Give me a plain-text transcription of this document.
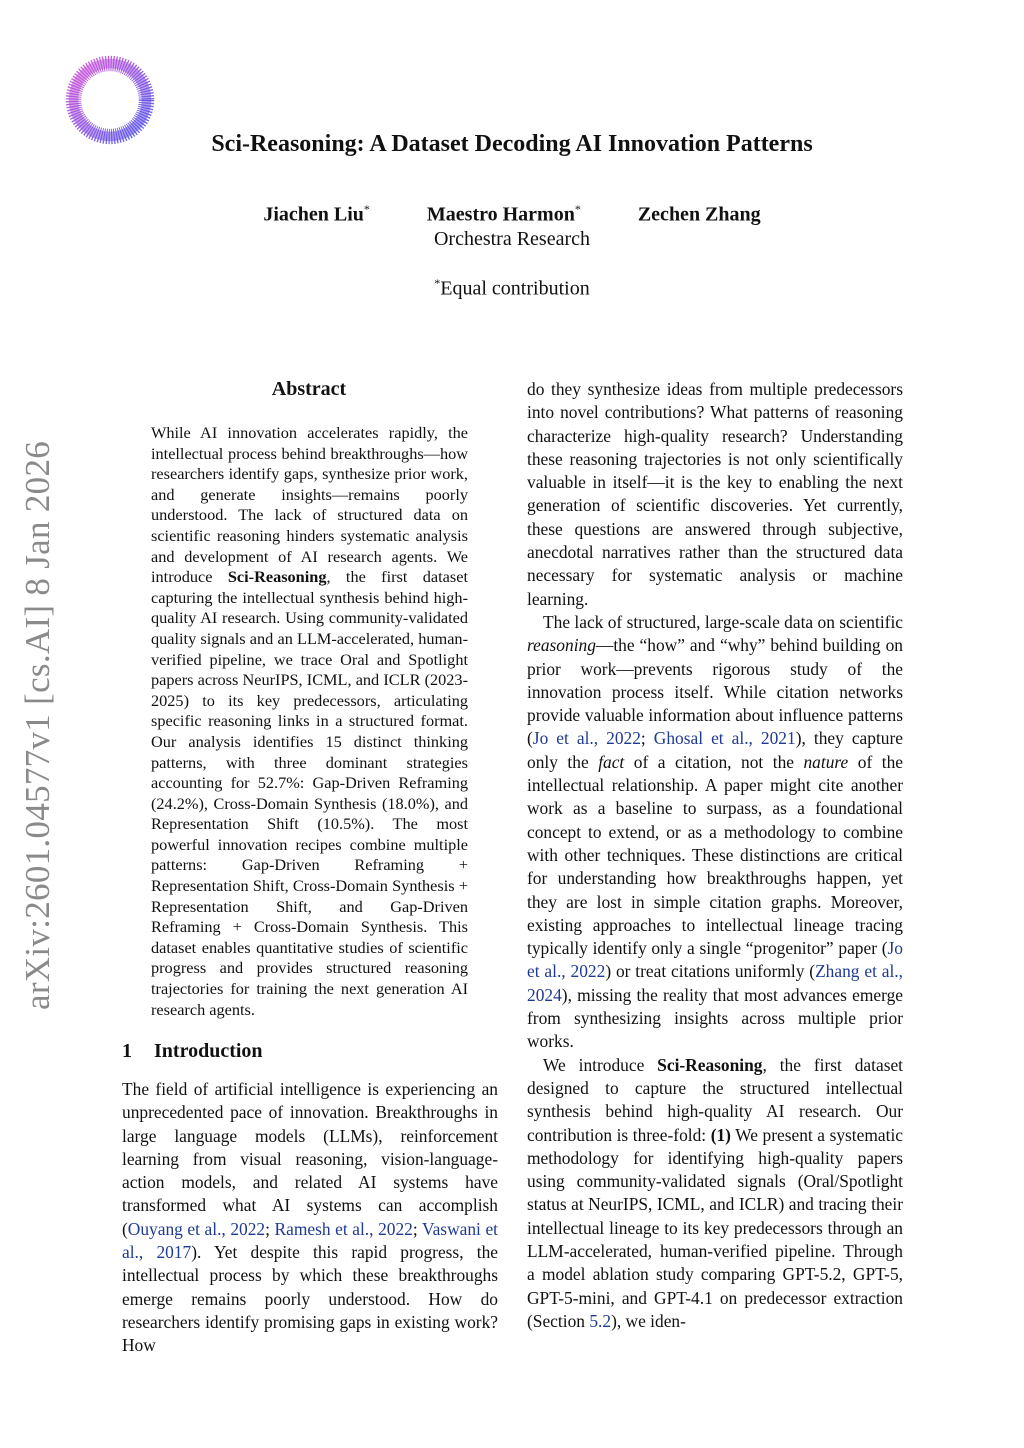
arXiv:2601.04577v1 [cs.AI] 8 Jan 2026
Sci-Reasoning: A Dataset Decoding AI Innovation Patterns
Jiachen Liu*	Maestro Harmon*	Zechen Zhang
Orchestra Research
*Equal contribution
Abstract
While AI innovation accelerates rapidly, the intellectual process behind breakthroughs—how researchers identify gaps, synthesize prior work, and generate insights—remains poorly understood. The lack of structured data on scientific reasoning hinders systematic analysis and development of AI research agents. We introduce Sci-Reasoning, the first dataset capturing the intellectual synthesis behind high-quality AI research. Using community-validated quality signals and an LLM-accelerated, human-verified pipeline, we trace Oral and Spotlight papers across NeurIPS, ICML, and ICLR (2023-2025) to its key predecessors, articulating specific reasoning links in a structured format. Our analysis identifies 15 distinct thinking patterns, with three dominant strategies accounting for 52.7%: Gap-Driven Reframing (24.2%), Cross-Domain Synthesis (18.0%), and Representation Shift (10.5%). The most powerful innovation recipes combine multiple patterns: Gap-Driven Reframing + Representation Shift, Cross-Domain Synthesis + Representation Shift, and Gap-Driven Reframing + Cross-Domain Synthesis. This dataset enables quantitative studies of scientific progress and provides structured reasoning trajectories for training the next generation AI research agents.
1 Introduction

The field of artificial intelligence is experiencing an unprecedented pace of innovation. Breakthroughs in large language models (LLMs), reinforcement learning from visual reasoning, vision-language-action models, and related AI systems have transformed what AI systems can accomplish (Ouyang et al., 2022; Ramesh et al., 2022; Vaswani et al., 2017). Yet despite this rapid progress, the intellectual process by which these breakthroughs emerge remains poorly understood. How do researchers identify promising gaps in existing work? How

do they synthesize ideas from multiple predecessors into novel contributions? What patterns of reasoning characterize high-quality research? Understanding these reasoning trajectories is not only scientifically valuable in itself—it is the key to enabling the next generation of scientific discoveries. Yet currently, these questions are answered through subjective, anecdotal narratives rather than the structured data necessary for systematic analysis or machine learning.

The lack of structured, large-scale data on scientific reasoning—the “how” and “why” behind building on prior work—prevents rigorous study of the innovation process itself. While citation networks provide valuable information about influence patterns (Jo et al., 2022; Ghosal et al., 2021), they capture only the fact of a citation, not the nature of the intellectual relationship. A paper might cite another work as a baseline to surpass, as a foundational concept to extend, or as a methodology to combine with other techniques. These distinctions are critical for understanding how breakthroughs happen, yet they are lost in simple citation graphs. Moreover, existing approaches to intellectual lineage tracing typically identify only a single “progenitor” paper (Jo et al., 2022) or treat citations uniformly (Zhang et al., 2024), missing the reality that most advances emerge from synthesizing insights across multiple prior works.

We introduce Sci-Reasoning, the first dataset designed to capture the structured intellectual synthesis behind high-quality AI research. Our contribution is three-fold: (1) We present a systematic methodology for identifying high-quality papers using community-validated signals (Oral/Spotlight status at NeurIPS, ICML, and ICLR) and tracing their intellectual lineage to its key predecessors through an LLM-accelerated, human-verified pipeline. Through a model ablation study comparing GPT-5.2, GPT-5, GPT-5-mini, and GPT-4.1 on predecessor extraction (Section 5.2), we iden-
